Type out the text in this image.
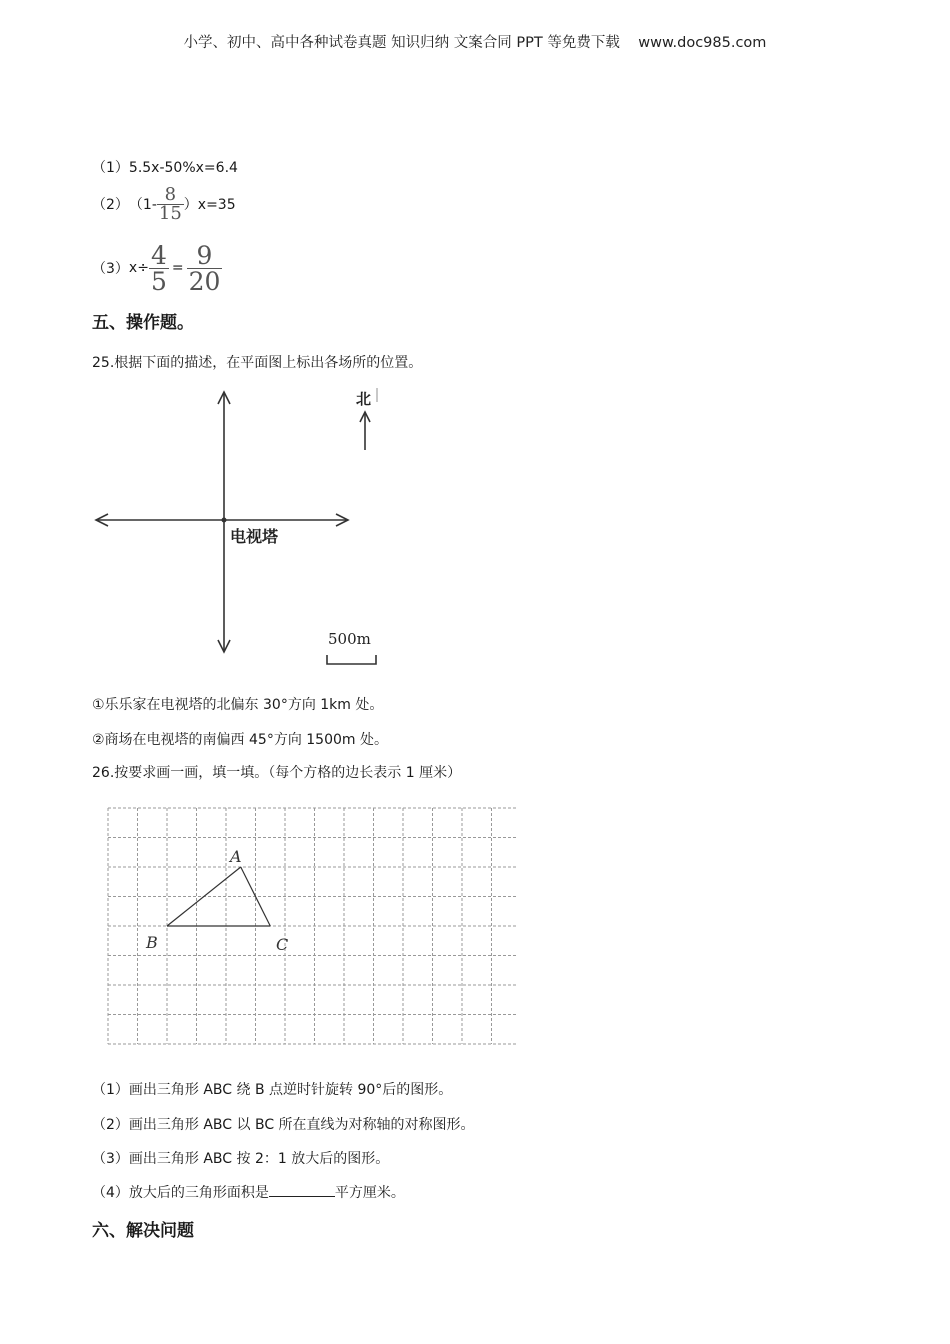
小学、初中、高中各种试卷真题 知识归纳 文案合同 PPT 等免费下载 www.doc985.com
（1）5.5x-50%x=6.4
（2） $(1- \frac{8}{15} )x=35$
（3） $x\div \frac{4}{5} = \frac{9}{20}$
五、操作题。
25.根据下面的描述，在平面图上标出各场所的位置。
电视塔
北
500m
①乐乐家在电视塔的北偏东 30°方向 1km 处。
②商场在电视塔的南偏西 45°方向 1500m 处。
26.按要求画一画，填一填。（每个方格的边长表示 1 厘米）
A
B	C
（1）画出三角形 ABC 绕 B 点逆时针旋转 90°后的图形。
（2）画出三角形 ABC 以 BC 所在直线为对称轴的对称图形。
（3）画出三角形 ABC 按 2：1 放大后的图形。
（4）放大后的三角形面积是	平方厘米。
六、解决问题
